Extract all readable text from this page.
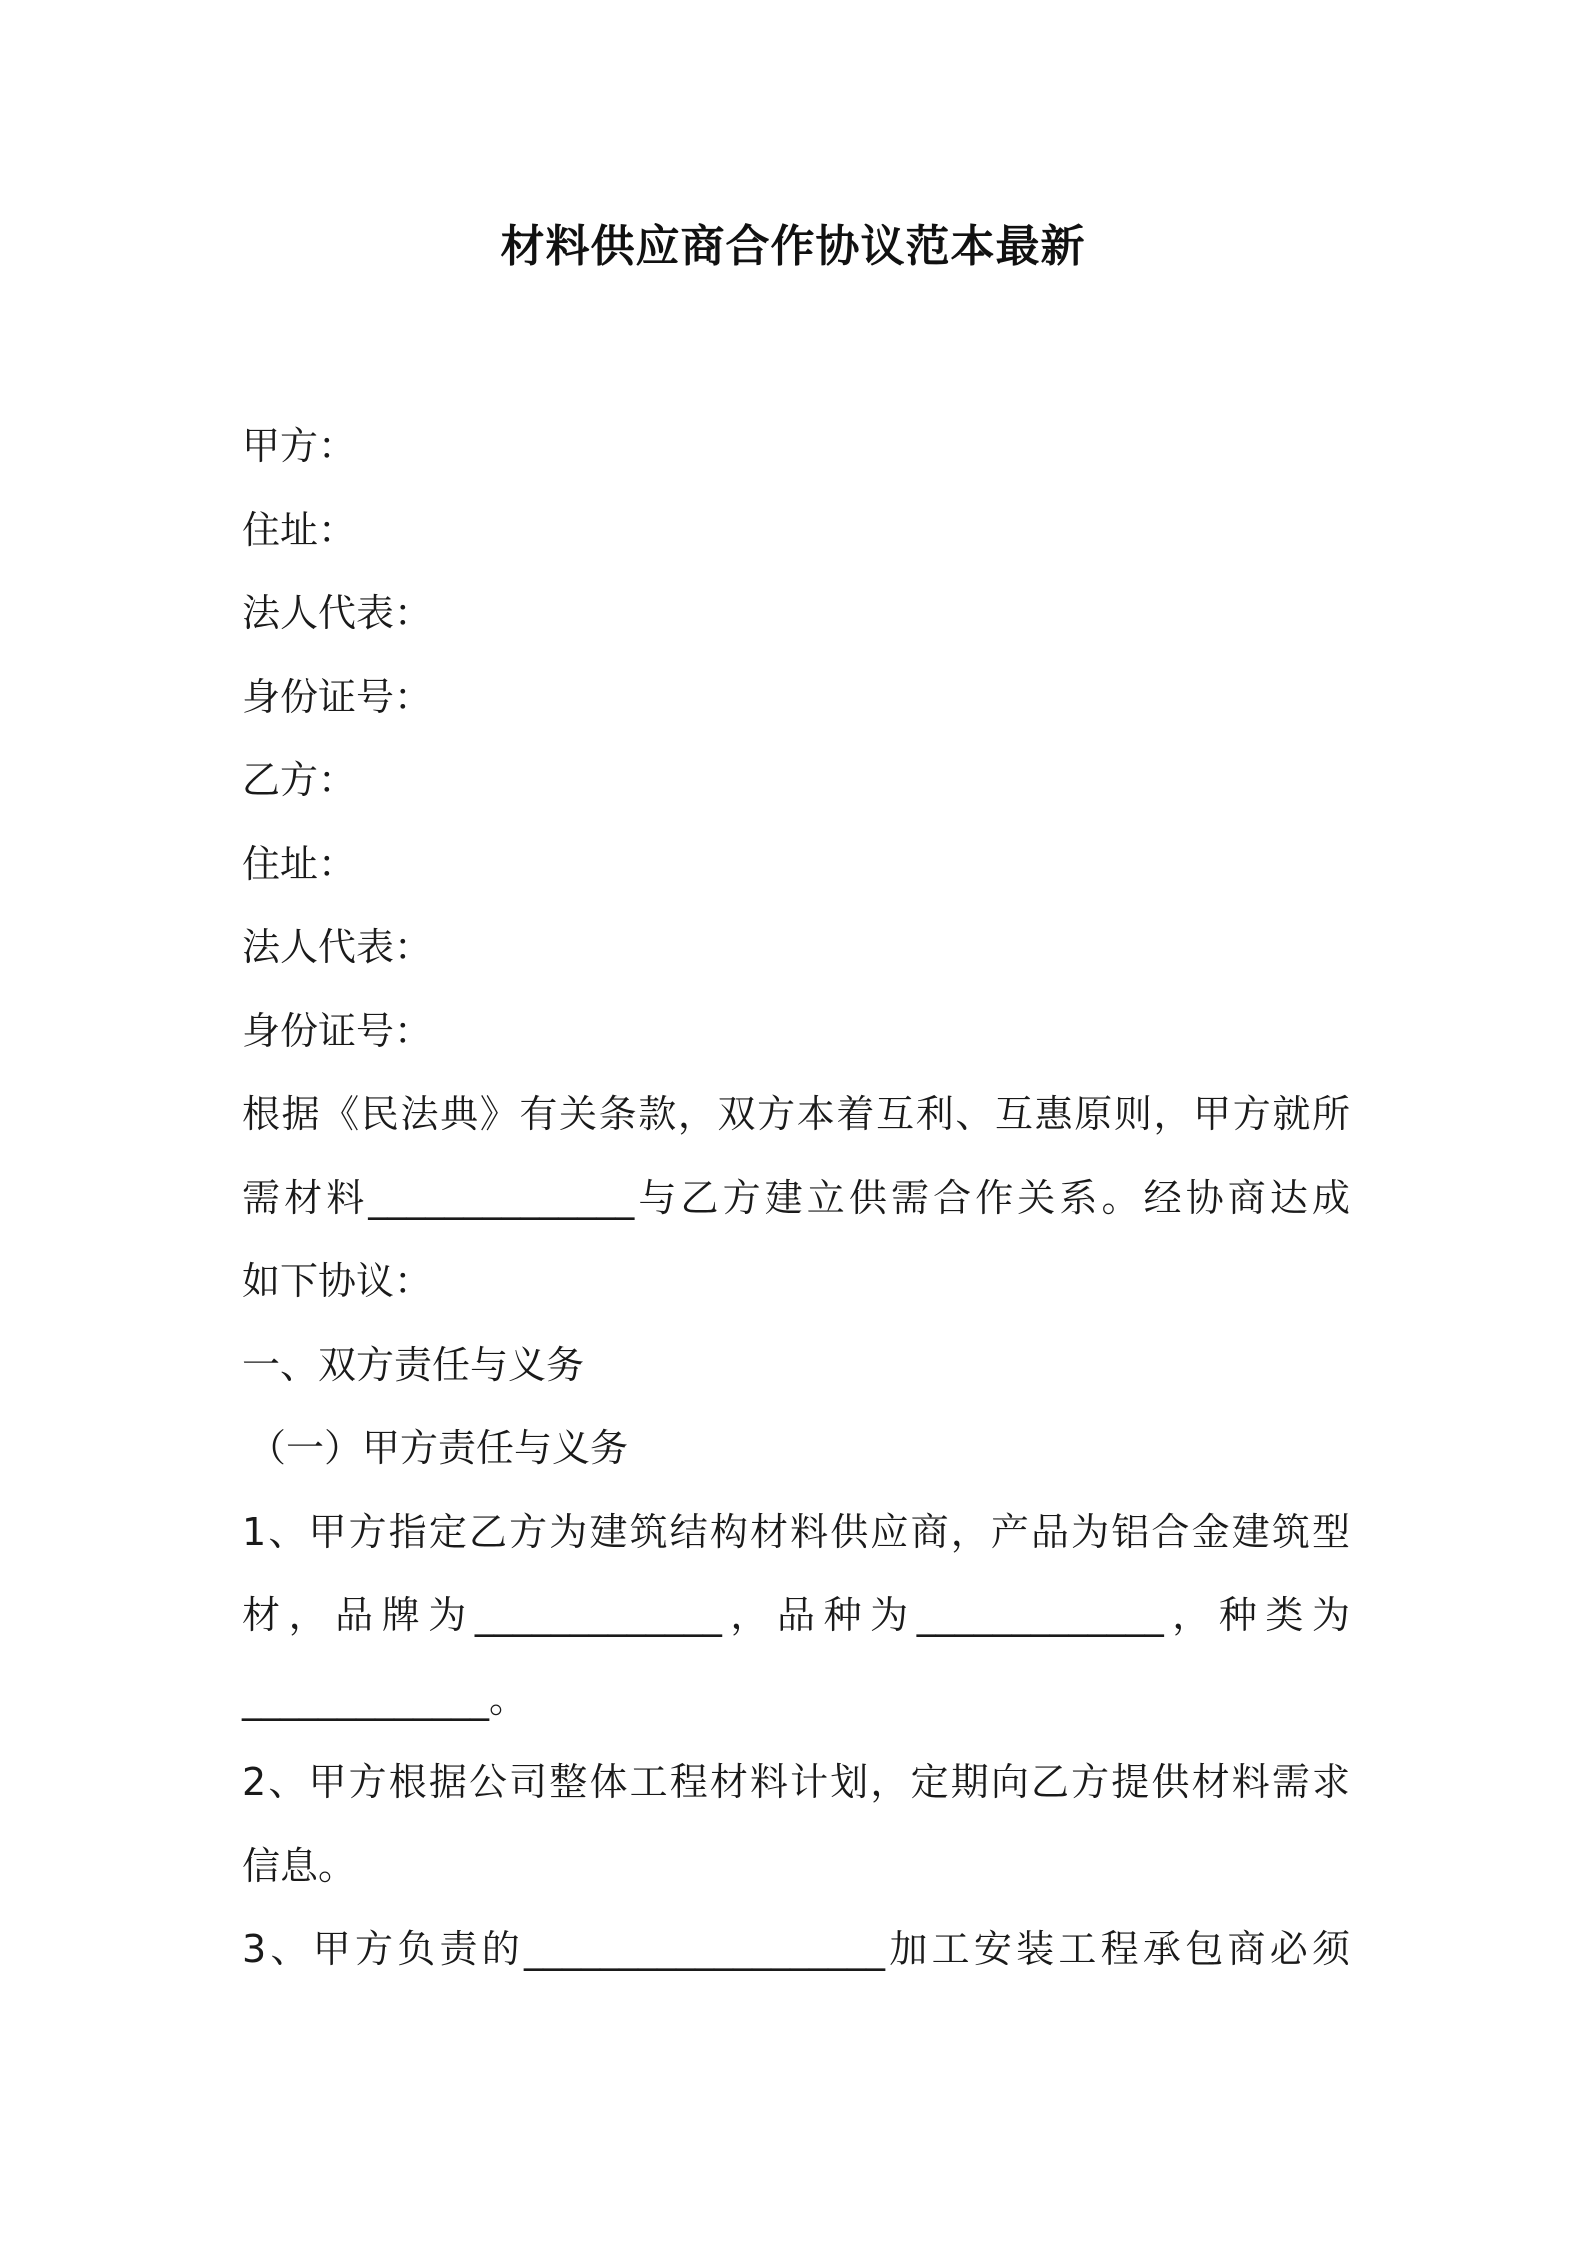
材料供应商合作协议范本最新
甲方：
住址：
法人代表：
身份证号：
乙方：
住址：
法人代表：
身份证号：
根据《民法典》有关条款，双方本着互利、互惠原则，甲方就所
需材料______________与乙方建立供需合作关系。经协商达成
如下协议：
一、双方责任与义务
（一）甲方责任与义务
1、甲方指定乙方为建筑结构材料供应商，产品为铝合金建筑型
材，品牌为_____________，品种为_____________，种类为
_____________。
2、甲方根据公司整体工程材料计划，定期向乙方提供材料需求
信息。
3、甲方负责的___________________加工安装工程承包商必须
